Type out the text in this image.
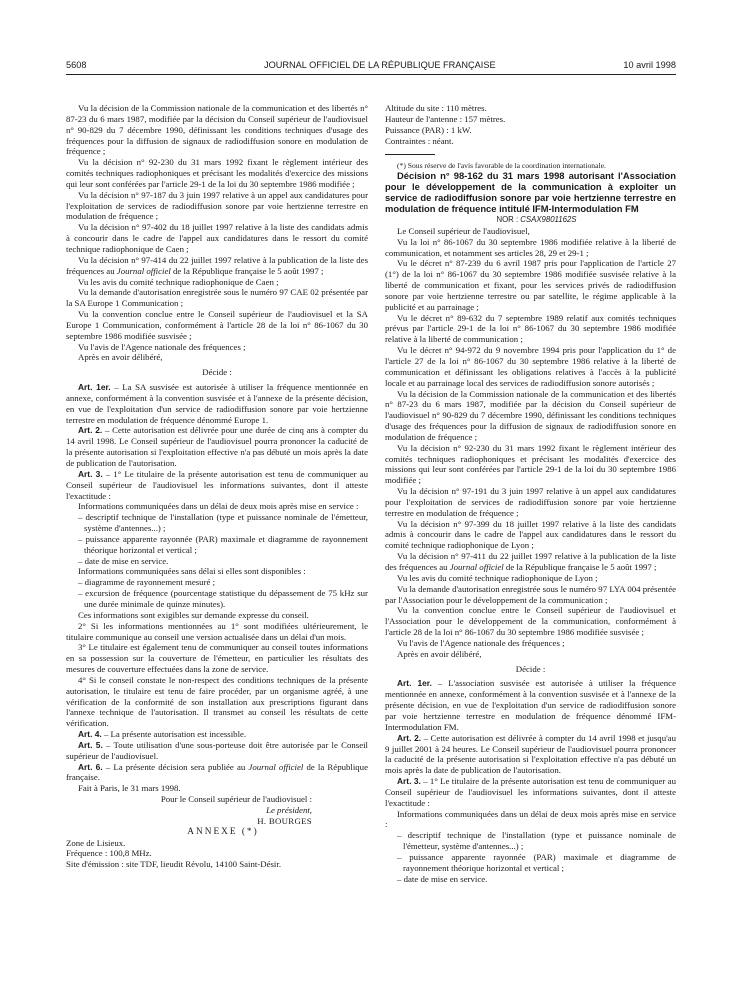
5608	JOURNAL OFFICIEL DE LA RÉPUBLIQUE FRANÇAISE	10 avril 1998

Vu la décision de la Commission nationale de la communication et des libertés n° 87-23 du 6 mars 1987, modifiée par la décision du Conseil supérieur de l'audiovisuel n° 90-829 du 7 décembre 1990, définissant les conditions techniques d'usage des fréquences pour la diffusion de signaux de radiodiffusion sonore en modulation de fréquence ;

Vu la décision n° 92-230 du 31 mars 1992 fixant le règlement intérieur des comités techniques radiophoniques et précisant les modalités d'exercice des missions qui leur sont conférées par l'article 29-1 de la loi du 30 septembre 1986 modifiée ;

Vu la décision n° 97-187 du 3 juin 1997 relative à un appel aux candidatures pour l'exploitation de services de radiodiffusion sonore par voie hertzienne terrestre en modulation de fréquence ;

Vu la décision n° 97-402 du 18 juillet 1997 relative à la liste des candidats admis à concourir dans le cadre de l'appel aux candidatures dans le ressort du comité technique radiophonique de Caen ;

Vu la décision n° 97-414 du 22 juillet 1997 relative à la publication de la liste des fréquences au Journal officiel de la République française le 5 août 1997 ;

Vu les avis du comité technique radiophonique de Caen ;

Vu la demande d'autorisation enregistrée sous le numéro 97 CAE 02 présentée par la SA Europe 1 Communication ;

Vu la convention conclue entre le Conseil supérieur de l'audiovisuel et la SA Europe 1 Communication, conformément à l'article 28 de la loi n° 86-1067 du 30 septembre 1986 modifiée susvisée ;

Vu l'avis de l'Agence nationale des fréquences ;

Après en avoir délibéré,

Décide :

Art. 1er. – La SA susvisée est autorisée à utiliser la fréquence mentionnée en annexe, conformément à la convention susvisée et à l'annexe de la présente décision, en vue de l'exploitation d'un service de radiodiffusion sonore par voie hertzienne terrestre en modulation de fréquence dénommé Europe 1.

Art. 2. – Cette autorisation est délivrée pour une durée de cinq ans à compter du 14 avril 1998. Le Conseil supérieur de l'audiovisuel pourra prononcer la caducité de la présente autorisation si l'exploitation effective n'a pas débuté un mois après la date de publication de l'autorisation.

Art. 3. – 1° Le titulaire de la présente autorisation est tenu de communiquer au Conseil supérieur de l'audiovisuel les informations suivantes, dont il atteste l'exactitude :

Informations communiquées dans un délai de deux mois après mise en service :

– descriptif technique de l'installation (type et puissance nominale de l'émetteur, système d'antennes...) ;

– puissance apparente rayonnée (PAR) maximale et diagramme de rayonnement théorique horizontal et vertical ;

– date de mise en service.

Informations communiquées sans délai si elles sont disponibles :

– diagramme de rayonnement mesuré ;

– excursion de fréquence (pourcentage statistique du dépassement de 75 kHz sur une durée minimale de quinze minutes).

Ces informations sont exigibles sur demande expresse du conseil.

2° Si les informations mentionnées au 1° sont modifiées ultérieurement, le titulaire communique au conseil une version actualisée dans un délai d'un mois.

3° Le titulaire est également tenu de communiquer au conseil toutes informations en sa possession sur la couverture de l'émetteur, en particulier les résultats des mesures de couverture effectuées dans la zone de service.

4° Si le conseil constate le non-respect des conditions techniques de la présente autorisation, le titulaire est tenu de faire procéder, par un organisme agréé, à une vérification de la conformité de son installation aux prescriptions figurant dans l'annexe technique de l'autorisation. Il transmet au conseil les résultats de cette vérification.

Art. 4. – La présente autorisation est incessible.

Art. 5. – Toute utilisation d'une sous-porteuse doit être autorisée par le Conseil supérieur de l'audiovisuel.

Art. 6. – La présente décision sera publiée au Journal officiel de la République française.

Fait à Paris, le 31 mars 1998.

Pour le Conseil supérieur de l'audiovisuel :

Le président,

H. BOURGES

ANNEXE (*)

Zone de Lisieux.

Fréquence : 100,8 MHz.

Site d'émission : site TDF, lieudit Révolu, 14100 Saint-Désir.

Altitude du site : 110 mètres.

Hauteur de l'antenne : 157 mètres.

Puissance (PAR) : 1 kW.

Contraintes : néant.

(*) Sous réserve de l'avis favorable de la coordination internationale.

Décision n° 98-162 du 31 mars 1998 autorisant l'Association pour le développement de la communication à exploiter un service de radiodiffusion sonore par voie hertzienne terrestre en modulation de fréquence intitulé IFM-Intermodulation FM

NOR : CSAX9801162S

Le Conseil supérieur de l'audiovisuel,

Vu la loi n° 86-1067 du 30 septembre 1986 modifiée relative à la liberté de communication, et notamment ses articles 28, 29 et 29-1 ;

Vu le décret n° 87-239 du 6 avril 1987 pris pour l'application de l'article 27 (1°) de la loi n° 86-1067 du 30 septembre 1986 modifiée susvisée relative à la liberté de communication et fixant, pour les services privés de radiodiffusion sonore par voie hertzienne terrestre ou par satellite, le régime applicable à la publicité et au parrainage ;

Vu le décret n° 89-632 du 7 septembre 1989 relatif aux comités techniques prévus par l'article 29-1 de la loi n° 86-1067 du 30 septembre 1986 modifiée relative à la liberté de communication ;

Vu le décret n° 94-972 du 9 novembre 1994 pris pour l'application du 1° de l'article 27 de la loi n° 86-1067 du 30 septembre 1986 relative à la liberté de communication et définissant les obligations relatives à l'accès à la publicité locale et au parrainage local des services de radiodiffusion sonore autorisés ;

Vu la décision de la Commission nationale de la communication et des libertés n° 87-23 du 6 mars 1987, modifiée par la décision du Conseil supérieur de l'audiovisuel n° 90-829 du 7 décembre 1990, définissant les conditions techniques d'usage des fréquences pour la diffusion de signaux de radiodiffusion sonore en modulation de fréquence ;

Vu la décision n° 92-230 du 31 mars 1992 fixant le règlement intérieur des comités techniques radiophoniques et précisant les modalités d'exercice des missions qui leur sont conférées par l'article 29-1 de la loi du 30 septembre 1986 modifiée ;

Vu la décision n° 97-191 du 3 juin 1997 relative à un appel aux candidatures pour l'exploitation de services de radiodiffusion sonore par voie hertzienne terrestre en modulation de fréquence ;

Vu la décision n° 97-399 du 18 juillet 1997 relative à la liste des candidats admis à concourir dans le cadre de l'appel aux candidatures dans le ressort du comité technique radiophonique de Lyon ;

Vu la décision n° 97-411 du 22 juillet 1997 relative à la publication de la liste des fréquences au Journal officiel de la République française le 5 août 1997 ;

Vu les avis du comité technique radiophonique de Lyon ;

Vu la demande d'autorisation enregistrée sous le numéro 97 LYA 004 présentée par l'Association pour le développement de la communication ;

Vu la convention conclue entre le Conseil supérieur de l'audiovisuel et l'Association pour le développement de la communication, conformément à l'article 28 de la loi n° 86-1067 du 30 septembre 1986 modifiée susvisée ;

Vu l'avis de l'Agence nationale des fréquences ;

Après en avoir délibéré,

Décide :

Art. 1er. – L'association susvisée est autorisée à utiliser la fréquence mentionnée en annexe, conformément à la convention susvisée et à l'annexe de la présente décision, en vue de l'exploitation d'un service de radiodiffusion sonore par voie hertzienne terrestre en modulation de fréquence dénommé IFM-Intermodulation FM.

Art. 2. – Cette autorisation est délivrée à compter du 14 avril 1998 et jusqu'au 9 juillet 2001 à 24 heures. Le Conseil supérieur de l'audiovisuel pourra prononcer la caducité de la présente autorisation si l'exploitation effective n'a pas débuté un mois après la date de publication de l'autorisation.

Art. 3. – 1° Le titulaire de la présente autorisation est tenu de communiquer au Conseil supérieur de l'audiovisuel les informations suivantes, dont il atteste l'exactitude :

Informations communiquées dans un délai de deux mois après mise en service :

– descriptif technique de l'installation (type et puissance nominale de l'émetteur, système d'antennes...) ;

– puissance apparente rayonnée (PAR) maximale et diagramme de rayonnement théorique horizontal et vertical ;

– date de mise en service.
